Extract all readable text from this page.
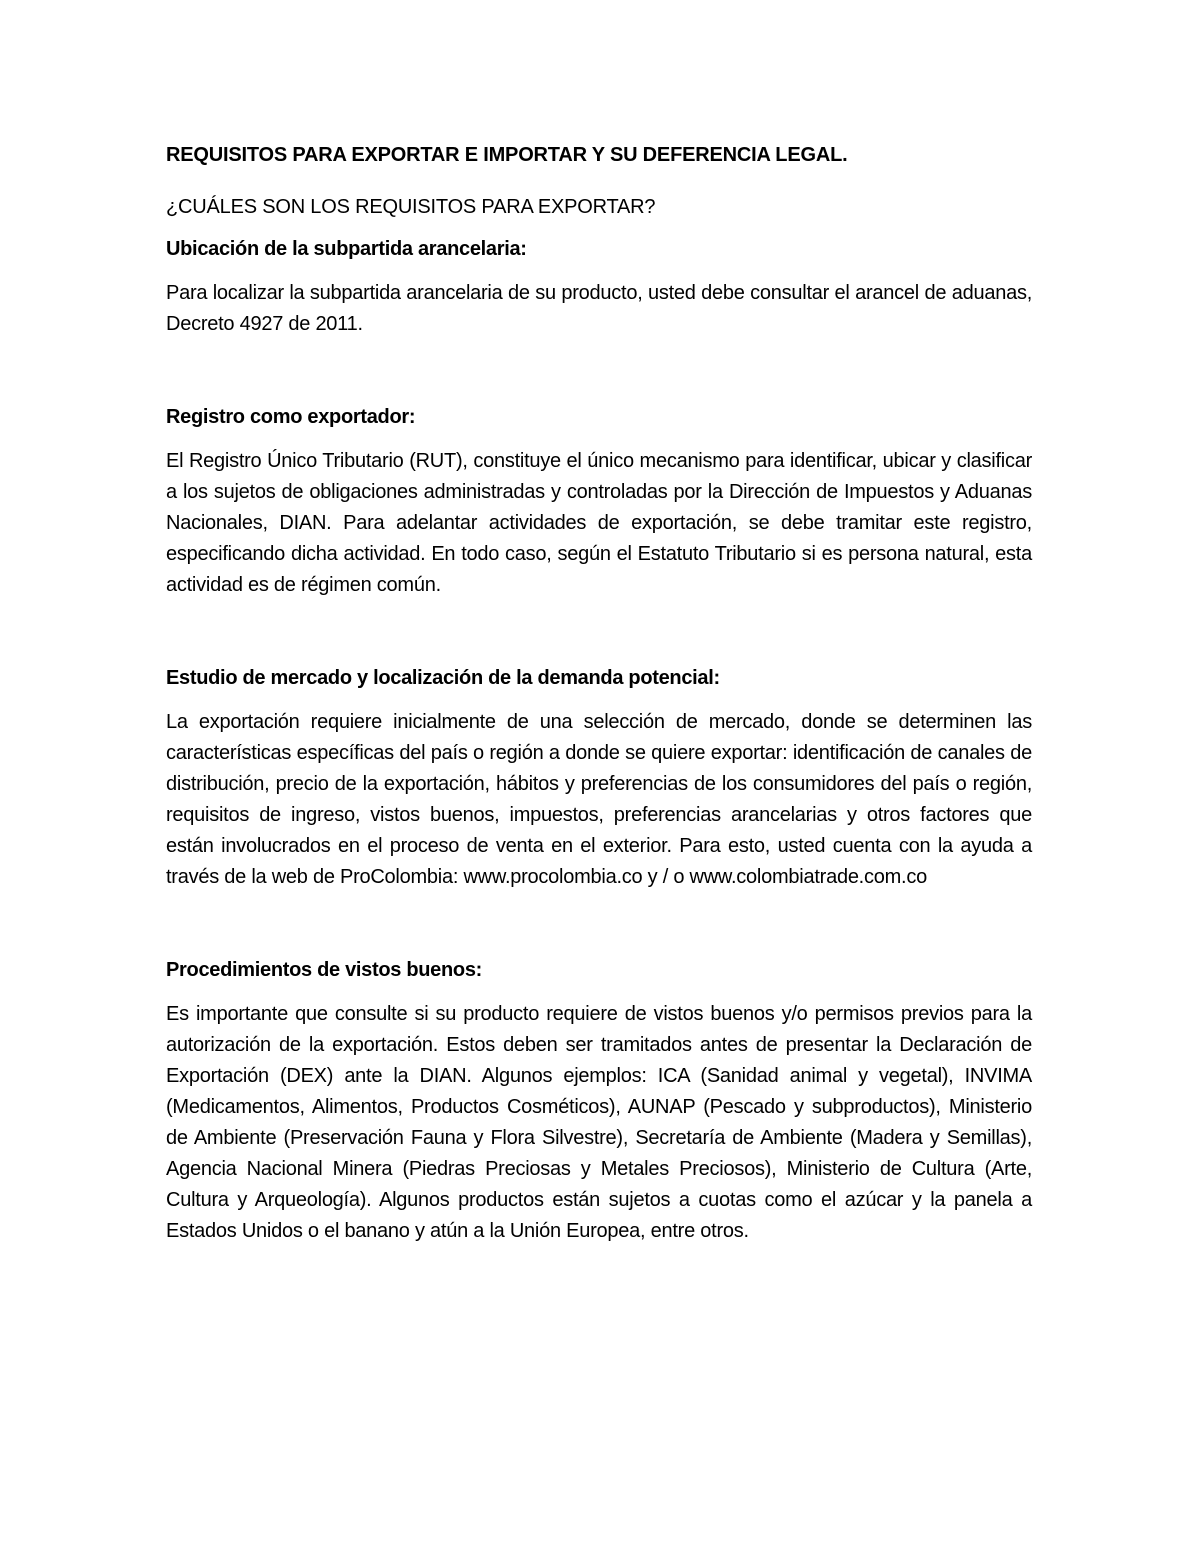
REQUISITOS PARA EXPORTAR E IMPORTAR Y SU DEFERENCIA LEGAL.

¿CUÁLES SON LOS REQUISITOS PARA EXPORTAR?

Ubicación de la subpartida arancelaria:

Para localizar la subpartida arancelaria de su producto, usted debe consultar el arancel de aduanas, Decreto 4927 de 2011.

Registro como exportador:

El Registro Único Tributario (RUT), constituye el único mecanismo para identificar, ubicar y clasificar a los sujetos de obligaciones administradas y controladas por la Dirección de Impuestos y Aduanas Nacionales, DIAN. Para adelantar actividades de exportación, se debe tramitar este registro, especificando dicha actividad. En todo caso, según el Estatuto Tributario si es persona natural, esta actividad es de régimen común.

Estudio de mercado y localización de la demanda potencial:

La exportación requiere inicialmente de una selección de mercado, donde se determinen las características específicas del país o región a donde se quiere exportar: identificación de canales de distribución, precio de la exportación, hábitos y preferencias de los consumidores del país o región, requisitos de ingreso, vistos buenos, impuestos, preferencias arancelarias y otros factores que están involucrados en el proceso de venta en el exterior. Para esto, usted cuenta con la ayuda a través de la web de ProColombia: www.procolombia.co y / o www.colombiatrade.com.co

Procedimientos de vistos buenos:

Es importante que consulte si su producto requiere de vistos buenos y/o permisos previos para la autorización de la exportación. Estos deben ser tramitados antes de presentar la Declaración de Exportación (DEX) ante la DIAN. Algunos ejemplos: ICA (Sanidad animal y vegetal), INVIMA (Medicamentos, Alimentos, Productos Cosméticos), AUNAP (Pescado y subproductos), Ministerio de Ambiente (Preservación Fauna y Flora Silvestre), Secretaría de Ambiente (Madera y Semillas), Agencia Nacional Minera (Piedras Preciosas y Metales Preciosos), Ministerio de Cultura (Arte, Cultura y Arqueología). Algunos productos están sujetos a cuotas como el azúcar y la panela a Estados Unidos o el banano y atún a la Unión Europea, entre otros.
